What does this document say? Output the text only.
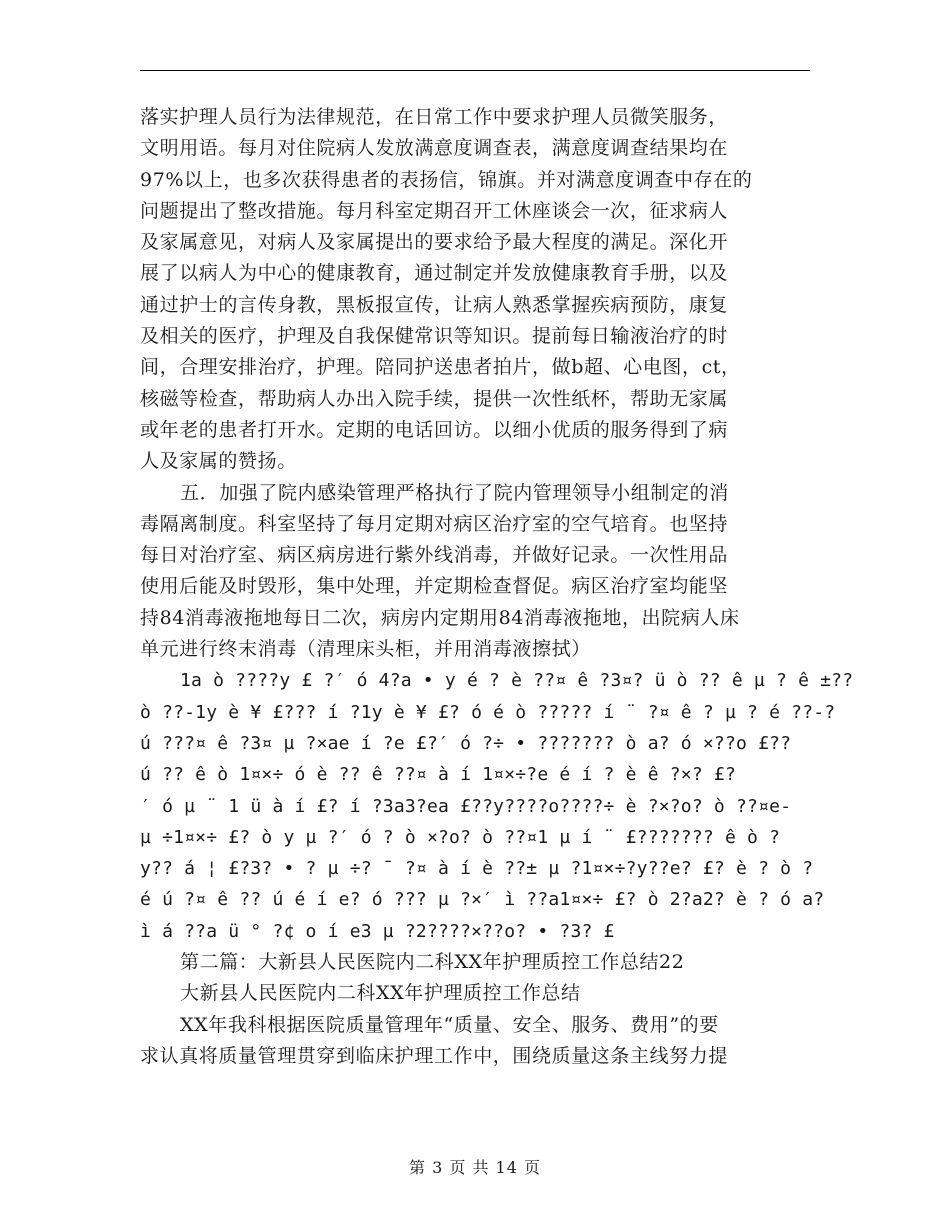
落实护理人员行为法律规范，在日常工作中要求护理人员微笑服务，
文明用语。每月对住院病人发放满意度调查表，满意度调查结果均在
97%以上，也多次获得患者的表扬信，锦旗。并对满意度调查中存在的
问题提出了整改措施。每月科室定期召开工休座谈会一次，征求病人
及家属意见，对病人及家属提出的要求给予最大程度的满足。深化开
展了以病人为中心的健康教育，通过制定并发放健康教育手册，以及
通过护士的言传身教，黑板报宣传，让病人熟悉掌握疾病预防，康复
及相关的医疗，护理及自我保健常识等知识。提前每日输液治疗的时
间，合理安排治疗，护理。陪同护送患者拍片，做b超、心电图，ct，
核磁等检查，帮助病人办出入院手续，提供一次性纸杯，帮助无家属
或年老的患者打开水。定期的电话回访。以细小优质的服务得到了病
人及家属的赞扬。
五．加强了院内感染管理严格执行了院内管理领导小组制定的消
毒隔离制度。科室坚持了每月定期对病区治疗室的空气培育。也坚持
每日对治疗室、病区病房进行紫外线消毒，并做好记录。一次性用品
使用后能及时毁形，集中处理，并定期检查督促。病区治疗室均能坚
持84消毒液拖地每日二次，病房内定期用84消毒液拖地，出院病人床
单元进行终末消毒（清理床头柜，并用消毒液擦拭）
1a ò ????y £ ?′ ó 4?a • y é ? è ??¤ ê ?3¤? ü ò ?? ê µ ? ê ±??
ò ??-1y è ¥ £??? í ?1y è ¥ £? ó é ò ????? í ¨ ?¤ ê ? µ ? é ??-?
ú ???¤ ê ?3¤ µ ?×ae í ?e £?′ ó ?÷ • ??????? ò a? ó ×??o £??
ú ?? ê ò 1¤×÷ ó è ?? ê ??¤ à í 1¤×÷?e é í ? è ê ?×? £?
′ ó µ ¨ 1 ü à í £? í ?3a3?ea £??y????o????÷ è ?×?o? ò ??¤e-
µ ÷1¤×÷ £? ò y µ ?′ ó ? ò ×?o? ò ??¤1 µ í ¨ £??????? ê ò ?
y?? á ¦ £?3? • ? µ ÷? ¯ ?¤ à í è ??± µ ?1¤×÷?y??e? £? è ? ò ?
é ú ?¤ ê ?? ú é í e? ó ??? µ ?×′ ì ??a1¤×÷ £? ò 2?a2? è ? ó a?
ì á ??a ü ° ?¢ o í e3 µ ?2????×??o? • ?3? £
第二篇：大新县人民医院内二科XX年护理质控工作总结22
大新县人民医院内二科XX年护理质控工作总结
XX年我科根据医院质量管理年“质量、安全、服务、费用”的要
求认真将质量管理贯穿到临床护理工作中，围绕质量这条主线努力提
第 3 页 共 14 页
